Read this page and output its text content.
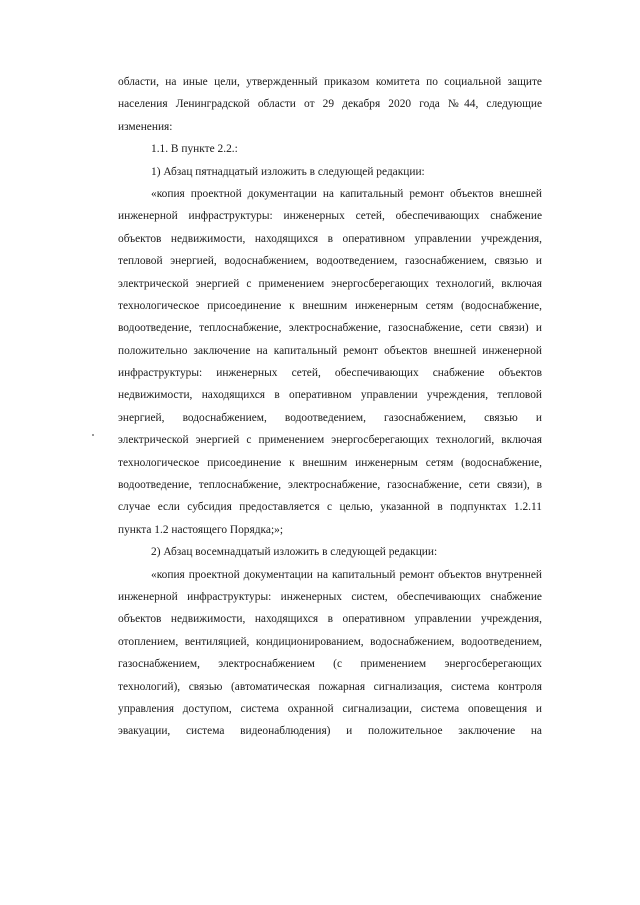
области, на иные цели, утвержденный приказом комитета по социальной защите
населения Ленинградской области от 29 декабря 2020 года №44, следующие
изменения:
1.1. В пункте 2.2.:
1) Абзац пятнадцатый изложить в следующей редакции:
«копия проектной документации на капитальный ремонт объектов внешней
инженерной инфраструктуры: инженерных сетей, обеспечивающих снабжение
объектов недвижимости, находящихся в оперативном управлении учреждения,
тепловой энергией, водоснабжением, водоотведением, газоснабжением, связью и
электрической энергией с применением энергосберегающих технологий, включая
технологическое присоединение к внешним инженерным сетям (водоснабжение,
водоотведение, теплоснабжение, электроснабжение, газоснабжение, сети связи) и
положительно заключение на капитальный ремонт объектов внешней инженерной
инфраструктуры: инженерных сетей, обеспечивающих снабжение объектов
недвижимости, находящихся в оперативном управлении учреждения, тепловой
энергией, водоснабжением, водоотведением, газоснабжением, связью и
электрической энергией с применением энергосберегающих технологий, включая
технологическое присоединение к внешним инженерным сетям (водоснабжение,
водоотведение, теплоснабжение, электроснабжение, газоснабжение, сети связи), в
случае если субсидия предоставляется с целью, указанной в подпунктах 1.2.11
пункта 1.2 настоящего Порядка;»;
2) Абзац восемнадцатый изложить в следующей редакции:
«копия проектной документации на капитальный ремонт объектов внутренней
инженерной инфраструктуры: инженерных систем, обеспечивающих снабжение
объектов недвижимости, находящихся в оперативном управлении учреждения,
отоплением, вентиляцией, кондиционированием, водоснабжением, водоотведением,
газоснабжением, электроснабжением (с применением энергосберегающих
технологий), связью (автоматическая пожарная сигнализация, система контроля
управления доступом, система охранной сигнализации, система оповещения и
эвакуации, система видеонаблюдения) и положительное заключение на
